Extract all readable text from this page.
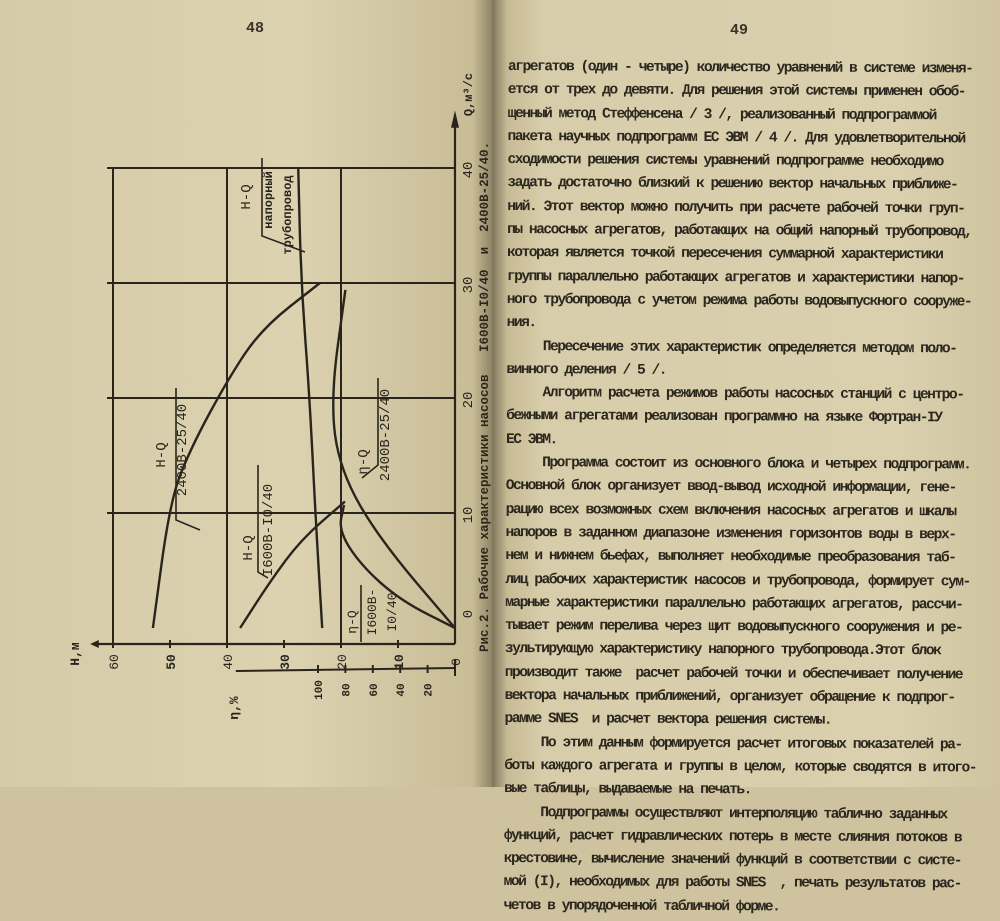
48	49
10
20
30
40
0
60	50	40	30	20	10	0
100 80 60 40 20
Q,м³/с
H,м
η,%
H-Q 2400В-25/40
H-Q напорный трубопровод
H-Q I600В-I0/40
η-Q 2400В-25/40
η-Q I600В- I0/40	Рис.2. Рабочие характеристики насосов   I600В-I0/40  и  2400В-25/40.
агрегатов (один - четыре) количество уравнений в системе изменя-
ется от трех до девяти. Для решения этой системы применен обоб-
щенный метод Стеффенсена / 3 /, реализованный подпрограммой
пакета научных подпрограмм ЕС ЭВМ / 4 /. Для удовлетворительной
сходимости решения системы уравнений подпрограмме необходимо
задать достаточно близкий к решению вектор начальных приближе-
ний. Этот вектор можно получить при расчете рабочей точки груп-
пы насосных агрегатов, работающих на общий напорный трубопровод,
которая является точкой пересечения суммарной характеристики
группы параллельно работающих агрегатов и характеристики напор-
ного трубопровода с учетом режима работы водовыпускного сооруже-
ния.
Пересечение этих характеристик определяется методом поло-
винного деления / 5 /.
Алгоритм расчета режимов работы насосных станций с центро-
бежными агрегатами реализован программно на языке Фортран-IУ
ЕС ЭВМ.
Программа состоит из основного блока и четырех подпрограмм.
Основной блок организует ввод-вывод исходной информации, гене-
рацию всех возможных схем включения насосных агрегатов и шкалы
напоров в заданном диапазоне изменения горизонтов воды в верх-
нем и нижнем бьефах, выполняет необходимые преобразования таб-
лиц рабочих характеристик насосов и трубопровода, формирует сум-
марные характеристики параллельно работающих агрегатов, рассчи-
тывает режим перелива через щит водовыпускного сооружения и ре-
зультирующую характеристику напорного трубопровода.Этот блок
производит также  расчет рабочей точки и обеспечивает получение
вектора начальных приближений, организует обращение к подпрог-
рамме SNES  и расчет вектора решения системы.
По этим данным формируется расчет итоговых показателей ра-
боты каждого агрегата и группы в целом, которые сводятся в итого-
вые таблицы, выдаваемые на печать.
Подпрограммы осуществляют интерполяцию таблично заданных
функций, расчет гидравлических потерь в месте слияния потоков в
крестовине, вычисление значений функций в соответствии с систе-
мой (I), необходимых для работы SNES  , печать результатов рас-
четов в упорядоченной табличной форме.
